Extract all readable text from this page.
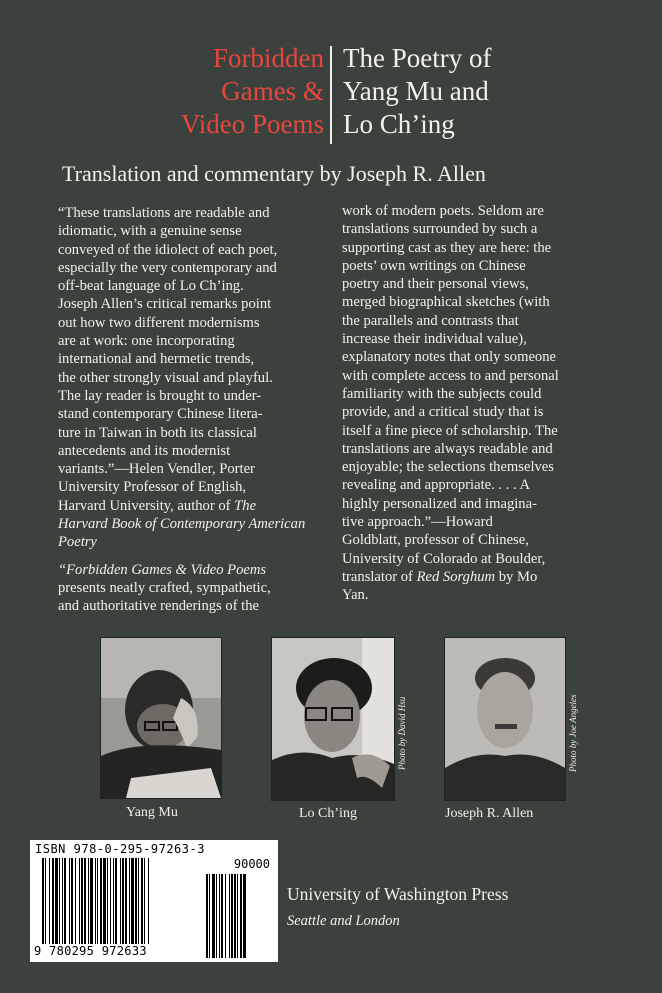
Forbidden
Games &
Video Poems
The Poetry of
Yang Mu and
Lo Ch’ing
Translation and commentary by Joseph R. Allen

“These translations are readable and
idiomatic, with a genuine sense
conveyed of the idiolect of each poet,
especially the very contemporary and
off-beat language of Lo Ch’ing.
Joseph Allen’s critical remarks point
out how two different modernisms
are at work: one incorporating
international and hermetic trends,
the other strongly visual and playful.
The lay reader is brought to under-
stand contemporary Chinese litera-
ture in Taiwan in both its classical
antecedents and its modernist
variants.”—Helen Vendler, Porter
University Professor of English,
Harvard University, author of The
Harvard Book of Contemporary American
Poetry

“Forbidden Games & Video Poems
presents neatly crafted, sympathetic,
and authoritative renderings of the

work of modern poets. Seldom are
translations surrounded by such a
supporting cast as they are here: the
poets’ own writings on Chinese
poetry and their personal views,
merged biographical sketches (with
the parallels and contrasts that
increase their individual value),
explanatory notes that only someone
with complete access to and personal
familiarity with the subjects could
provide, and a critical study that is
itself a fine piece of scholarship. The
translations are always readable and
enjoyable; the selections themselves
revealing and appropriate. . . . A
highly personalized and imagina-
tive approach.”—Howard
Goldblatt, professor of Chinese,
University of Colorado at Boulder,
translator of Red Sorghum by Mo
Yan.

Yang Mu
Photo by David Hsu
Lo Ch’ing
Photo by Joe Angeles
Joseph R. Allen
ISBN 978-0-295-97263-3
90000
9 780295 972633
University of Washington Press
Seattle and London
